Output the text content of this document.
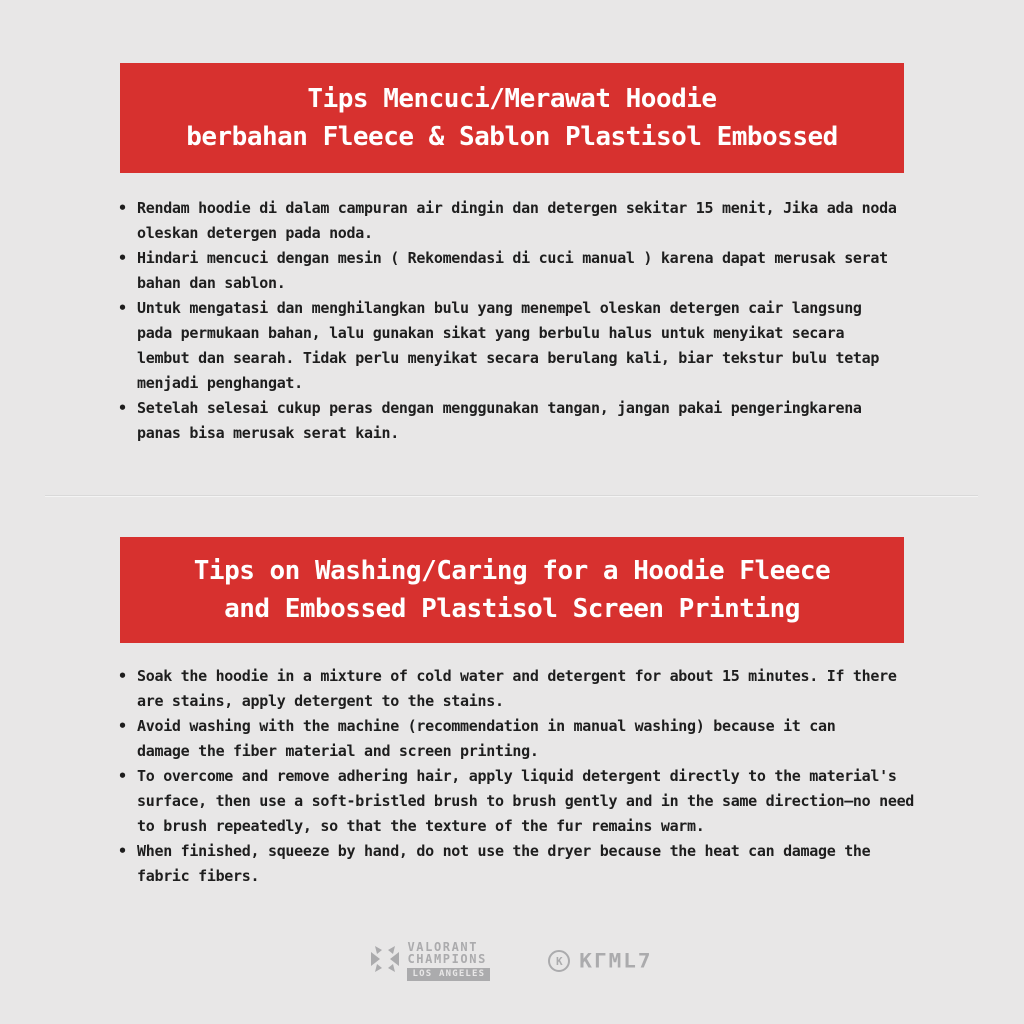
Tips Mencuci/Merawat Hoodie
berbahan Fleece & Sablon Plastisol Embossed
• Rendam hoodie di dalam campuran air dingin dan detergen sekitar 15 menit, Jika ada noda
oleskan detergen pada noda.
• Hindari mencuci dengan mesin ( Rekomendasi di cuci manual ) karena dapat merusak serat
bahan dan sablon.
• Untuk mengatasi dan menghilangkan bulu yang menempel oleskan detergen cair langsung
pada permukaan bahan, lalu gunakan sikat yang berbulu halus untuk menyikat secara
lembut dan searah. Tidak perlu menyikat secara berulang kali, biar tekstur bulu tetap
menjadi penghangat.
• Setelah selesai cukup peras dengan menggunakan tangan, jangan pakai pengeringkarena
panas bisa merusak serat kain.
Tips on Washing/Caring for a Hoodie Fleece
and Embossed Plastisol Screen Printing
• Soak the hoodie in a mixture of cold water and detergent for about 15 minutes. If there
are stains, apply detergent to the stains.
• Avoid washing with the machine (recommendation in manual washing) because it can
damage the fiber material and screen printing.
• To overcome and remove adhering hair, apply liquid detergent directly to the material's
surface, then use a soft-bristled brush to brush gently and in the same direction—no need
to brush repeatedly, so that the texture of the fur remains warm.
• When finished, squeeze by hand, do not use the dryer because the heat can damage the
fabric fibers.
VALORANT
CHAMPIONS
LOS ANGELES
K KГML7
